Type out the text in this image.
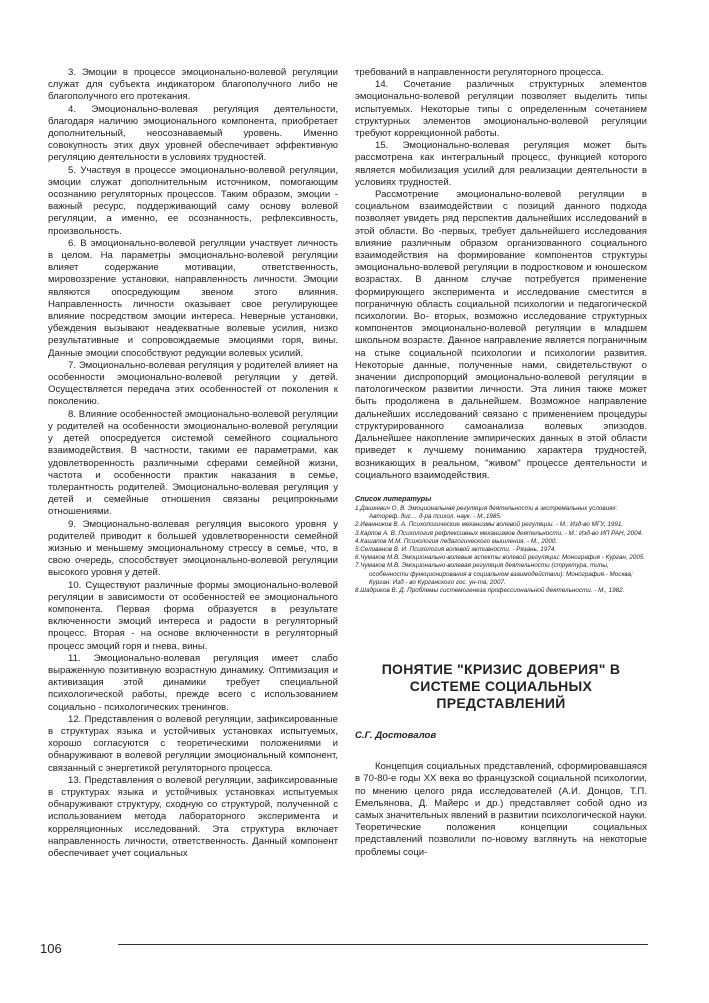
3. Эмоции в процессе эмоционально-волевой регуляции служат для субъекта индикатором благополучного либо не благополучного его протекания.

4. Эмоционально-волевая регуляция деятельности, благодаря наличию эмоционального компонента, приобретает дополнительный, неосознаваемый уровень. Именно совокупность этих двух уровней обеспечивает эффективную регуляцию деятельности в условиях трудностей.

5. Участвуя в процессе эмоционально-волевой регуляции, эмоции служат дополнительным источником, помогающим осознанию регуляторных процессов. Таким образом, эмоции - важный ресурс, поддерживающий саму основу волевой регуляции, а именно, ее осознанность, рефлексивность, произвольность.

6. В эмоционально-волевой регуляции участвует личность в целом. На параметры эмоционально-волевой регуляции влияет содержание мотивации, ответственность, мировоззрение установки, направленность личности. Эмоции являются опосредующим звеном этого влияния. Направленность личности оказывает свое регулирующее влияние посредством эмоции интереса. Неверные установки, убеждения вызывают неадекватные волевые усилия, низко результативные и сопровождаемые эмоциями горя, вины. Данные эмоции способствуют редукции волевых усилий.

7. Эмоционально-волевая регуляция у родителей влияет на особенности эмоционально-волевой регуляции у детей. Осуществляется передача этих особенностей от поколения к поколению.

8. Влияние особенностей эмоционально-волевой регуляции у родителей на особенности эмоционально-волевой регуляции у детей опосредуется системой семейного социального взаимодействия. В частности, такими ее параметрами, как удовлетворенность различными сферами семейной жизни, частота и особенности практик наказания в семье, толерантность родителей. Эмоционально-волевая регуляция у детей и семейные отношения связаны реципрокными отношениями.

9. Эмоционально-волевая регуляция высокого уровня у родителей приводит к большей удовлетворенности семейной жизнью и меньшему эмоциональному стрессу в семье, что, в свою очередь, способствует эмоционально-волевой регуляции высокого уровня у детей.

10. Существуют различные формы эмоционально-волевой регуляции в зависимости от особенностей ее эмоционального компонента. Первая форма образуется в результате включенности эмоций интереса и радости в регуляторный процесс. Вторая - на основе включенности в регуляторный процесс эмоций горя и гнева, вины.

11. Эмоционально-волевая регуляция имеет слабо выраженную позитивную возрастную динамику. Оптимизация и активизация этой динамики требует специальной психологической работы, прежде всего с использованием социально - психологических тренингов.

12. Представления о волевой регуляции, зафиксированные в структурах языка и устойчивых установках испытуемых, хорошо согласуются с теоретическими положениями и обнаруживают в волевой регуляции эмоциональный компонент, связанный с энергетикой регуляторного процесса.

13. Представления о волевой регуляции, зафиксированные в структурах языка и устойчивых установках испытуемых обнаруживают структуру, сходную со структурой, полученной с использованием метода лабораторного эксперимента и корреляционных исследований. Эта структура включает направленность личности, ответственность. Данный компонент обеспечивает учет социальных

требований в направленности регуляторного процесса.

14. Сочетание различных структурных элементов эмоционально-волевой регуляции позволяет выделить типы испытуемых. Некоторые типы с определенным сочетанием структурных элементов эмоционально-волевой регуляции требуют коррекционной работы.

15. Эмоционально-волевая регуляция может быть рассмотрена как интегральный процесс, функцией которого является мобилизация усилий для реализации деятельности в условиях трудностей.

Рассмотрение эмоционально-волевой регуляции в социальном взаимодействии с позиций данного подхода позволяет увидеть ряд перспектив дальнейших исследований в этой области. Во -первых, требует дальнейшего исследования влияние различным образом организованного социального взаимодействия на формирование компонентов структуры эмоционально-волевой регуляции в подростковом и юношеском возрастах. В данном случае потребуется применение формирующего эксперимента и исследование сместится в пограничную область социальной психологии и педагогической психологии. Во- вторых, возможно исследование структурных компонентов эмоционально-волевой регуляции в младшем школьном возрасте. Данное направление является пограничным на стыке социальной психологии и психологии развития. Некоторые данные, полученные нами, свидетельствуют о значении диспропорций эмоционально-волевой регуляции в патологическом развитии личности. Эта линия также может быть продолжена в дальнейшем. Возможное направление дальнейших исследований связано с применением процедуры структурированного самоанализа волевых эпизодов. Дальнейшее накопление эмпирических данных в этой области приведет к лучшему пониманию характера трудностей, возникающих в реальном, "живом" процессе деятельности и социального взаимодействия.

Список литературы

1.Дашкевич О. В. Эмоциональная регуляция деятельности в экстремальных условиях: Автореф. дис… д-ра психол. наук. - М.,1985.

2.Иванников В. А. Психологические механизмы волевой регуляции. - М.: Изд-во МГУ, 1991.

3.Карпов А. В. Психология рефлексивных механизмов деятельности. - М.: Изд-во ИП РАН, 2004.

4.Кашапов М.М. Психология педагогического мышления. - М., 2000.

5.Селиванов В. И. Психология волевой активности. - Рязань, 1974.

6.Чумаков М.В. Эмоционально-волевые аспекты волевой регуляции: Монография - Курган, 2005.

7.Чумаков М.В. Эмоционально-волевая регуляция деятельности (структура, типы, особенности функционирования в социальном взаимодействии): Монография.- Москва; Курган: Изд - во Курганского гос. ун-та, 2007.

8.Шадриков В. Д. Проблемы системогенеза профессиональной деятельности. - М., 1982.

ПОНЯТИЕ "КРИЗИС ДОВЕРИЯ" В СИСТЕМЕ СОЦИАЛЬНЫХ ПРЕДСТАВЛЕНИЙ

С.Г. Достовалов

Концепция социальных представлений, сформировавшаяся в 70-80-е годы XX века во французской социальной психологии, по мнению целого ряда исследователей (А.И. Донцов, Т.П. Емельянова, Д. Майерс и др.) представляет собой одно из самых значительных явлений в развитии психологической науки. Теоретические положения концепции социальных представлений позволили по-новому взглянуть на некоторые проблемы соци-

106
